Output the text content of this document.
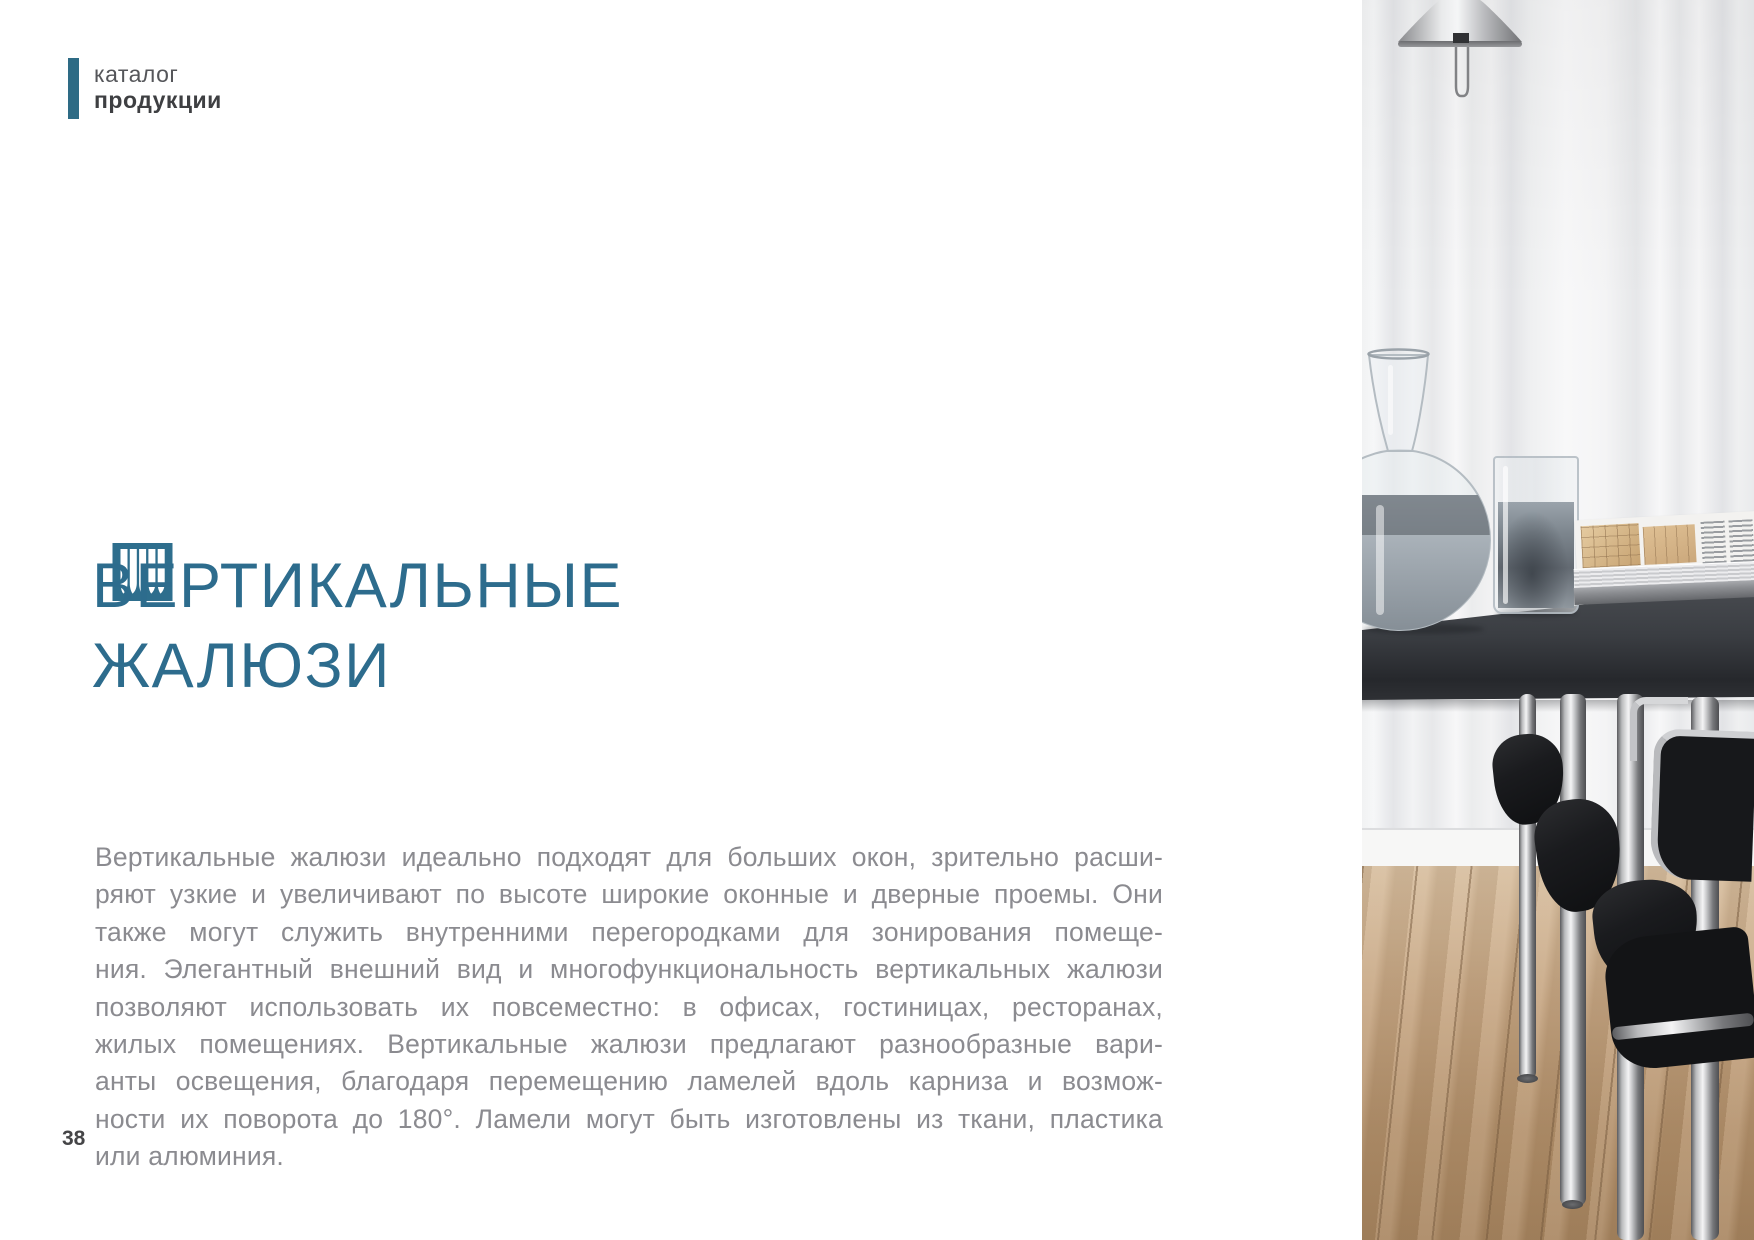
каталог
продукции
ВЕРТИКАЛЬНЫЕ
ЖАЛЮЗИ
Вертикальные жалюзи идеально подходят для больших окон, зрительно расши-
ряют узкие и увеличивают по высоте широкие оконные и дверные проемы. Они
также могут служить внутренними перегородками для зонирования помеще-
ния. Элегантный внешний вид и многофункциональность вертикальных жалюзи
позволяют использовать их повсеместно: в офисах, гостиницах, ресторанах,
жилых помещениях. Вертикальные жалюзи предлагают разнообразные вари-
анты освещения, благодаря перемещению ламелей вдоль карниза и возмож-
ности их поворота до 180°. Ламели могут быть изготовлены из ткани, пластика
или алюминия.
38
